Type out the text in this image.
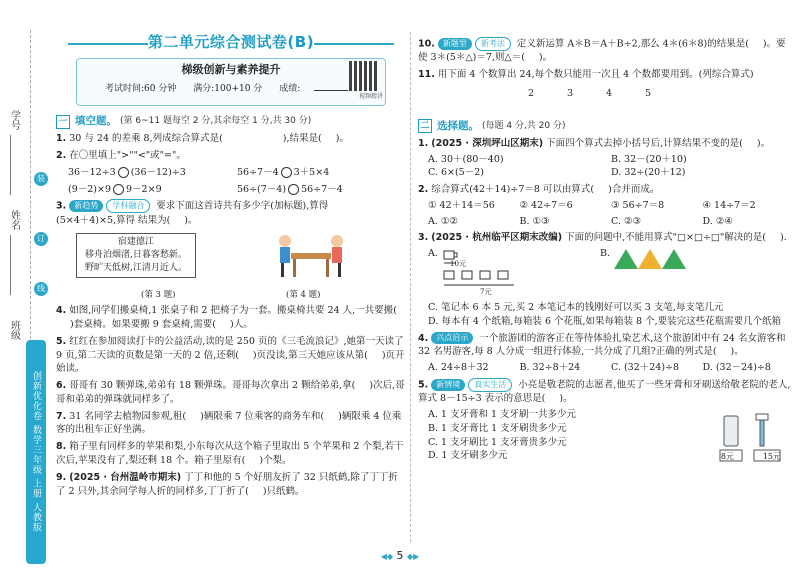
学号
姓名
班级
装
订
线
创新优化卷 数学三年级 上册 人教版
第二单元综合测试卷(B)
梯级创新与素养提升
考试时间:60 分钟 满分:100+10 分 成绩:
视频精讲
一 填空题。 (第 6~11 题每空 2 分,其余每空 1 分,共 30 分)
1. 30 与 24 的差乘 8,列成综合算式是(	),结果是( )。
2. 在〇里填上">""<"或"="。
36－12÷3 (36－12)÷3	56÷7－4 3＋5×4
(9－2)×9 9－2×9	56÷(7－4) 56÷7－4
3. 新趋势 学科融合 要求下面这首诗共有多少字(加标题),算得
(5×4＋4)×5,算得 结果为( )。
宿建德江
移舟泊烟渚,日暮客愁新。
野旷天低树,江清月近人。
(第 3 题)	(第 4 题)
4. 如图,同学们搬桌椅,1 张桌子和 2 把椅子为一套。搬桌椅共要 24 人,一共要搬()套桌椅。如果要搬 9 套桌椅,需要( )人。
5. 红红在参加阅读打卡的公益活动,读的是 250 页的《三毛流浪记》,她第一天读了 9 页,第二天读的页数是第一天的 2 倍,还剩( )页没读,第三天她应该从第( )页开始读。
6. 哥哥有 30 颗弹珠,弟弟有 18 颗弹珠。哥哥每次拿出 2 颗给弟弟,拿( )次后,哥哥和弟弟的弹珠就同样多了。
7. 31 名同学去植物园参观,租( )辆限乘 7 位乘客的商务车和( )辆限乘 4 位乘客的出租车正好坐满。
8. 箱子里有同样多的苹果和梨,小东每次从这个箱子里取出 5 个苹果和 2 个梨,若干次后,苹果没有了,梨还剩 18 个。箱子里原有( )个梨。
9. (2025 · 台州温岭市期末) 丁丁和他的 5 个好朋友折了 32 只纸鹤,除了丁丁折了 2 只外,其余同学每人折的同样多,丁丁折了( )只纸鹤。
10. 新题型 新考法 定义新运算 A＊B＝A＋B÷2,那么 4＊(6＊8)的结果是( )。要使 3＊(5＊△)＝7,则△＝( )。
11. 用下面 4 个数算出 24,每个数只能用一次且 4 个数都要用到。(列综合算式)
2	3	4	5
二 选择题。 (每题 4 分,共 20 分)
1. (2025 · 深圳坪山区期末) 下面四个算式去掉小括号后,计算结果不变的是( )。
A. 30＋(80－40)	B. 32－(20＋10)
C. 6×(5－2)	D. 32÷(20＋12)
2. 综合算式(42＋14)÷7＝8 可以由算式( )合并而成。
① 42＋14＝56	② 42÷7＝6	③ 56÷7＝8	④ 14÷7＝2
A. ①②	B. ①③	C. ②③	D. ②④
3. (2025 · 杭州临平区期末改编) 下面的问题中,不能用算式"□×□÷□"解决的是( ).
A.
10元
7元
B.
C. 笔记本 6 本 5 元,买 2 本笔记本的钱刚好可以买 3 支笔,每支笔几元
D. 每本有 4 个纸箱,每箱装 6 个花瓶,如果每箱装 8 个,要装完这些花瓶需要几个纸箱
4. 兴点启示 一个旅游团的游客正在等待体验扎染艺术,这个旅游团中有 24 名女游客和 32 名男游客,每 8 人分成一组进行体验,一共分成了几组?正确的列式是( )。
A. 24÷8＋32	B. 32÷8＋24	C. (32＋24)÷8	D. (32－24)÷8
5. 新情境 真实生活 小亮是敬老院的志愿者,他买了一些牙膏和牙刷送给敬老院的老人,算式 8－15÷3 表示的意思是( )。
A. 1 支牙膏和 1 支牙刷一共多少元
B. 1 支牙膏比 1 支牙刷贵多少元
C. 1 支牙刷比 1 支牙膏贵多少元
D. 1 支牙刷多少元	8元	15元
◀◆ 5 ◆▶
